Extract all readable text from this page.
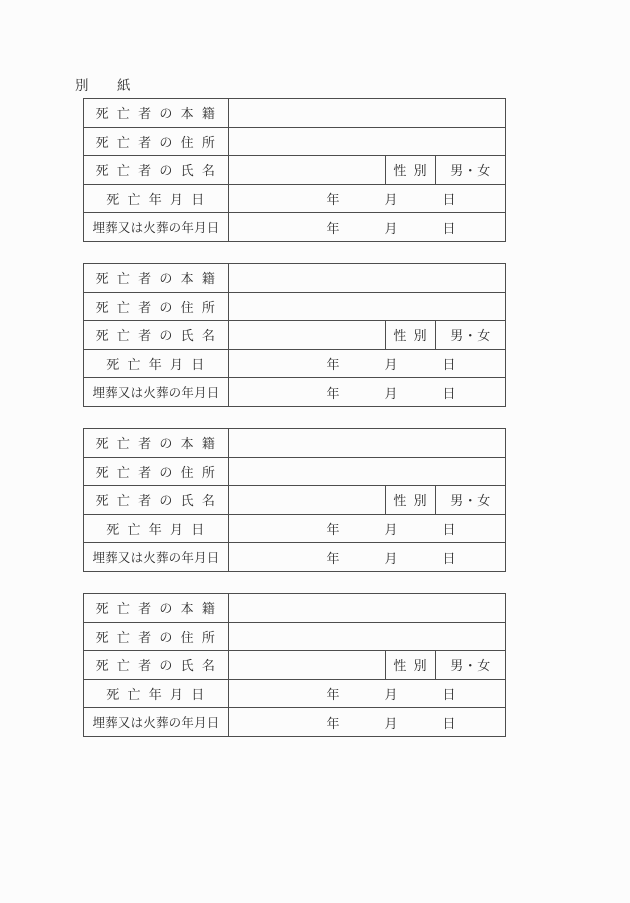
別　　紙
死 亡 者 の 本 籍			
死 亡 者 の 住 所			
死 亡 者 の 氏 名		性 別	男・女
死 亡 年 月 日	年 月 日		
埋葬又は火葬の年月日	年 月 日		
死 亡 者 の 本 籍			
死 亡 者 の 住 所			
死 亡 者 の 氏 名		性 別	男・女
死 亡 年 月 日	年 月 日		
埋葬又は火葬の年月日	年 月 日		
死 亡 者 の 本 籍			
死 亡 者 の 住 所			
死 亡 者 の 氏 名		性 別	男・女
死 亡 年 月 日	年 月 日		
埋葬又は火葬の年月日	年 月 日		
死 亡 者 の 本 籍			
死 亡 者 の 住 所			
死 亡 者 の 氏 名		性 別	男・女
死 亡 年 月 日	年 月 日		
埋葬又は火葬の年月日	年 月 日		
